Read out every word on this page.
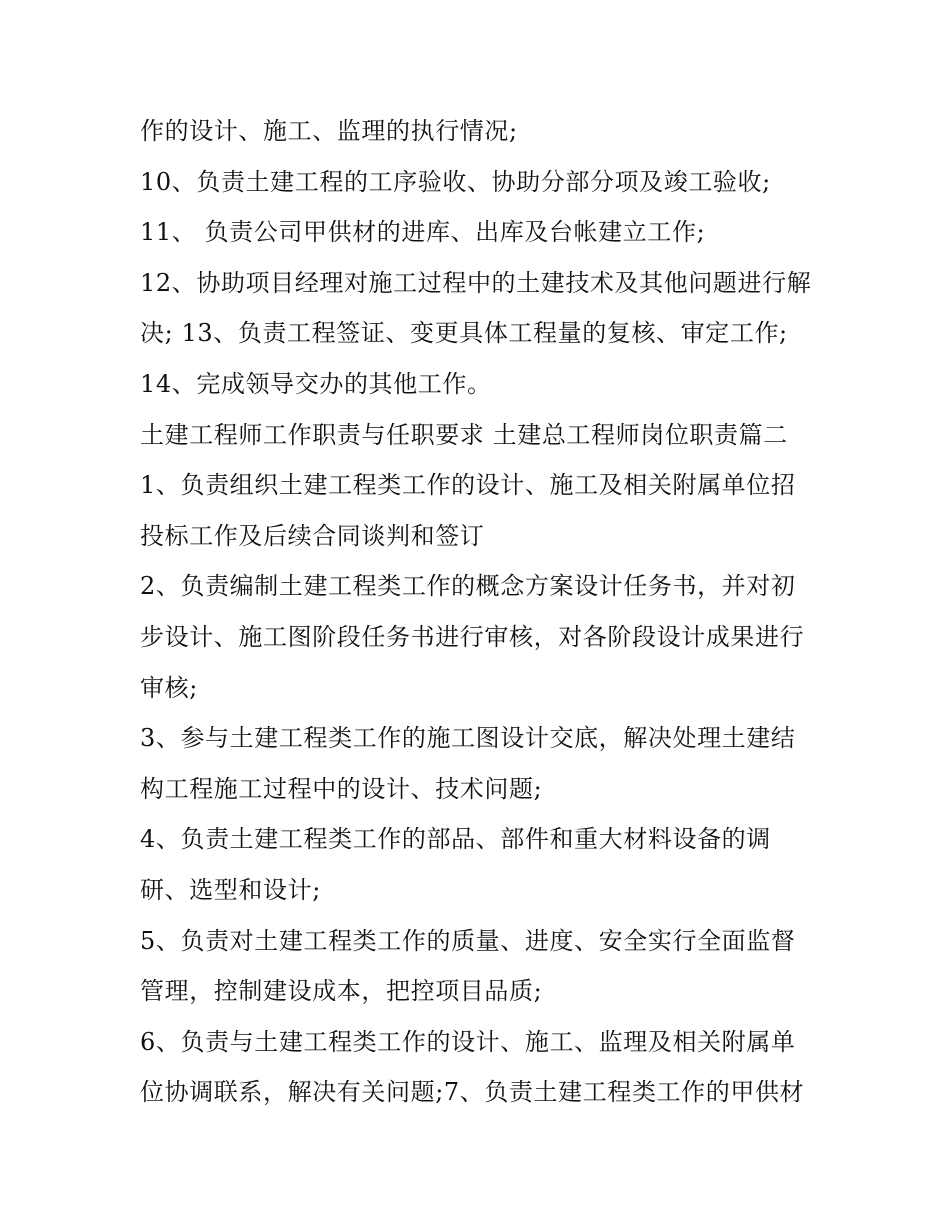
作的设计、施工、监理的执行情况;
10、负责土建工程的工序验收、协助分部分项及竣工验收;
11、 负责公司甲供材的进库、出库及台帐建立工作;
12、协助项目经理对施工过程中的土建技术及其他问题进行解
决; 13、负责工程签证、变更具体工程量的复核、审定工作;
14、完成领导交办的其他工作。
土建工程师工作职责与任职要求 土建总工程师岗位职责篇二
1、负责组织土建工程类工作的设计、施工及相关附属单位招
投标工作及后续合同谈判和签订
2、负责编制土建工程类工作的概念方案设计任务书，并对初
步设计、施工图阶段任务书进行审核，对各阶段设计成果进行
审核;
3、参与土建工程类工作的施工图设计交底，解决处理土建结
构工程施工过程中的设计、技术问题;
4、负责土建工程类工作的部品、部件和重大材料设备的调
研、选型和设计;
5、负责对土建工程类工作的质量、进度、安全实行全面监督
管理，控制建设成本，把控项目品质;
6、负责与土建工程类工作的设计、施工、监理及相关附属单
位协调联系，解决有关问题;7、负责土建工程类工作的甲供材
